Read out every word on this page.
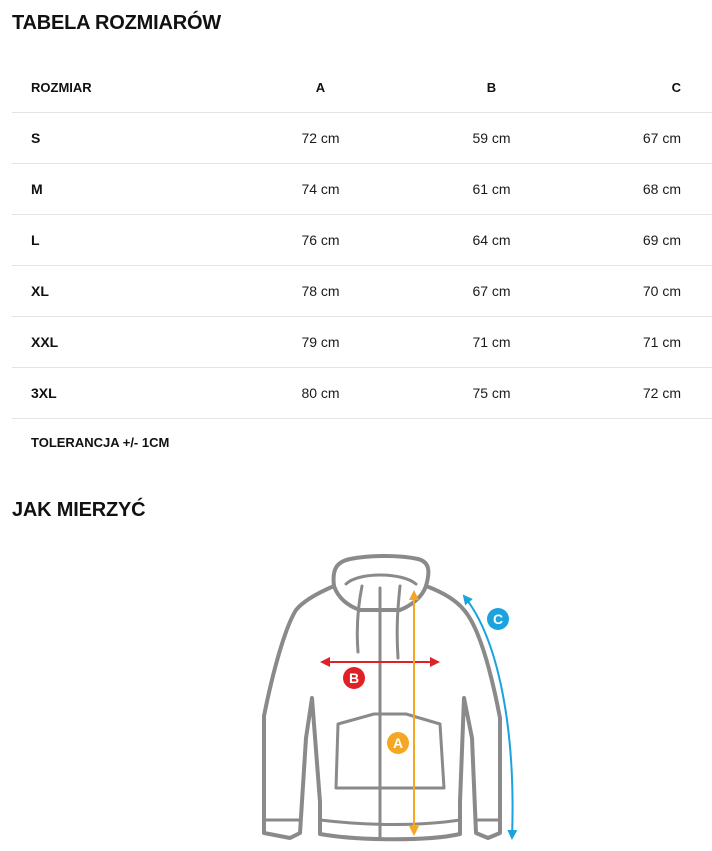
TABELA ROZMIARÓW
ROZMIAR	A	B	C
S	72 cm	59 cm	67 cm
M	74 cm	61 cm	68 cm
L	76 cm	64 cm	69 cm
XL	78 cm	67 cm	70 cm
XXL	79 cm	71 cm	71 cm
3XL	80 cm	75 cm	72 cm
TOLERANCJA +/- 1CM			
JAK MIERZYĆ
B
A
C
